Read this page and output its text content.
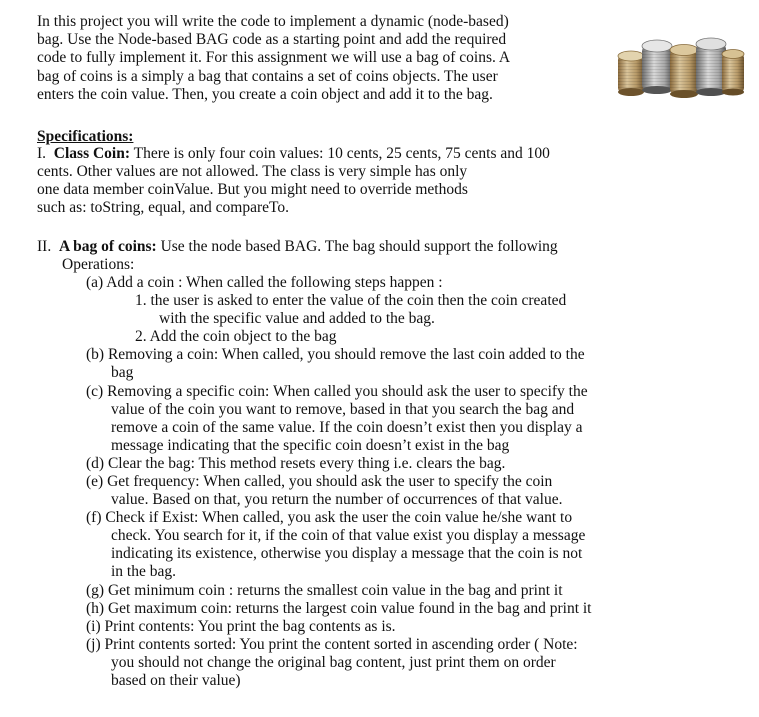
In this project you will write the code to implement a dynamic (node-based)
bag. Use the Node-based BAG code as a starting point and add the required
code to fully implement it. For this assignment we will use a bag of coins. A
bag of coins is a simply a bag that contains a set of coins objects. The user
enters the coin value. Then, you create a coin object and add it to the bag.
Specifications:
I. Class Coin: There is only four coin values: 10 cents, 25 cents, 75 cents and 100
cents. Other values are not allowed. The class is very simple has only
one data member coinValue. But you might need to override methods
such as: toString, equal, and compareTo.
II. A bag of coins: Use the node based BAG. The bag should support the following
Operations:
(a) Add a coin : When called the following steps happen :
1. the user is asked to enter the value of the coin then the coin created
with the specific value and added to the bag.
2. Add the coin object to the bag
(b) Removing a coin: When called, you should remove the last coin added to the
bag
(c) Removing a specific coin: When called you should ask the user to specify the
value of the coin you want to remove, based in that you search the bag and
remove a coin of the same value. If the coin doesn’t exist then you display a
message indicating that the specific coin doesn’t exist in the bag
(d) Clear the bag: This method resets every thing i.e. clears the bag.
(e) Get frequency: When called, you should ask the user to specify the coin
value. Based on that, you return the number of occurrences of that value.
(f) Check if Exist: When called, you ask the user the coin value he/she want to
check. You search for it, if the coin of that value exist you display a message
indicating its existence, otherwise you display a message that the coin is not
in the bag.
(g) Get minimum coin : returns the smallest coin value in the bag and print it
(h) Get maximum coin: returns the largest coin value found in the bag and print it
(i) Print contents: You print the bag contents as is.
(j) Print contents sorted: You print the content sorted in ascending order ( Note:
you should not change the original bag content, just print them on order
based on their value)
